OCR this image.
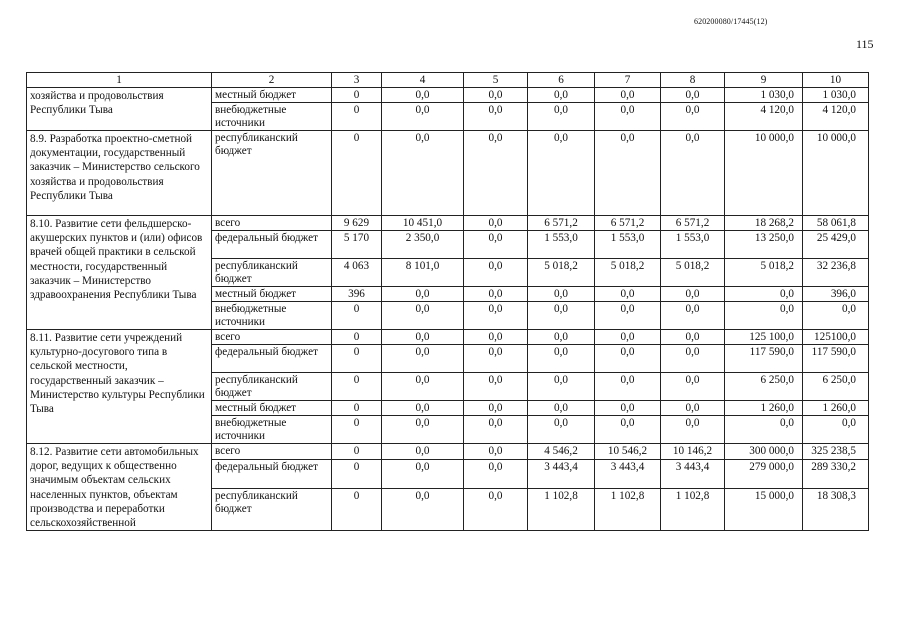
620200080/17445(12)
115
1	2	3	4	5	6	7	8	9	10
хозяйства и продовольствия Республики Тыва	местный бюджет	0	0,0	0,0	0,0	0,0	0,0	1 030,0	1 030,0
	внебюджетные источники	0	0,0	0,0	0,0	0,0	0,0	4 120,0	4 120,0
8.9. Разработка проектно-сметной документации, государственный заказчик – Министерство сельского хозяйства и продовольствия Республики Тыва	республиканский бюджет	0	0,0	0,0	0,0	0,0	0,0	10 000,0	10 000,0
8.10. Развитие сети фельдшерско-акушерских пунктов и (или) офисов врачей общей практики в сельской местности, государственный заказчик – Министерство здравоохранения Республики Тыва	всего	9 629	10 451,0	0,0	6 571,2	6 571,2	6 571,2	18 268,2	58 061,8
	федеральный бюджет	5 170	2 350,0	0,0	1 553,0	1 553,0	1 553,0	13 250,0	25 429,0
	республиканский бюджет	4 063	8 101,0	0,0	5 018,2	5 018,2	5 018,2	5 018,2	32 236,8
	местный бюджет	396	0,0	0,0	0,0	0,0	0,0	0,0	396,0
	внебюджетные источники	0	0,0	0,0	0,0	0,0	0,0	0,0	0,0
8.11. Развитие сети учреждений культурно-досугового типа в сельской местности, государственный заказчик – Министерство культуры Республики Тыва	всего	0	0,0	0,0	0,0	0,0	0,0	125 100,0	125100,0
	федеральный бюджет	0	0,0	0,0	0,0	0,0	0,0	117 590,0	117 590,0
	республиканский бюджет	0	0,0	0,0	0,0	0,0	0,0	6 250,0	6 250,0
	местный бюджет	0	0,0	0,0	0,0	0,0	0,0	1 260,0	1 260,0
	внебюджетные источники	0	0,0	0,0	0,0	0,0	0,0	0,0	0,0
8.12. Развитие сети автомобильных дорог, ведущих к общественно значимым объектам сельских населенных пунктов, объектам производства и переработки сельскохозяйственной	всего	0	0,0	0,0	4 546,2	10 546,2	10 146,2	300 000,0	325 238,5
	федеральный бюджет	0	0,0	0,0	3 443,4	3 443,4	3 443,4	279 000,0	289 330,2
	республиканский бюджет	0	0,0	0,0	1 102,8	1 102,8	1 102,8	15 000,0	18 308,3
